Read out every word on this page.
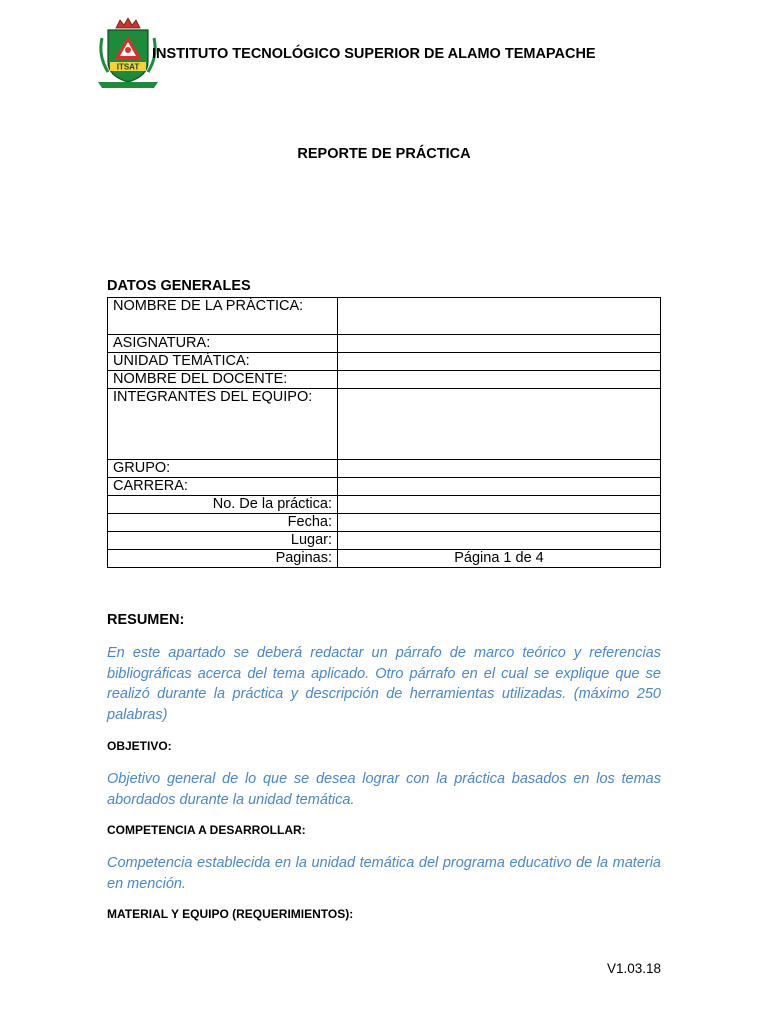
ITSAT
INSTITUTO TECNOLÓGICO SUPERIOR DE ALAMO TEMAPACHE
REPORTE DE PRÁCTICA
DATOS GENERALES
NOMBRE DE LA PRÁCTICA:	
ASIGNATURA:	
UNIDAD TEMÁTICA:	
NOMBRE DEL DOCENTE:	
INTEGRANTES DEL EQUIPO:	
GRUPO:	
CARRERA:	
No. De la práctica:	
Fecha:	
Lugar:	
Paginas:	Página 1 de 4
RESUMEN:
En este apartado se deberá redactar un párrafo de marco teórico y referencias bibliográficas acerca del tema aplicado. Otro párrafo en el cual se explique que se realizó durante la práctica y descripción de herramientas utilizadas. (máximo 250 palabras)
OBJETIVO:
Objetivo general de lo que se desea lograr con la práctica basados en los temas abordados durante la unidad temática.
COMPETENCIA A DESARROLLAR:
Competencia establecida en la unidad temática del programa educativo de la materia en mención.
MATERIAL Y EQUIPO (REQUERIMIENTOS):
V1.03.18
